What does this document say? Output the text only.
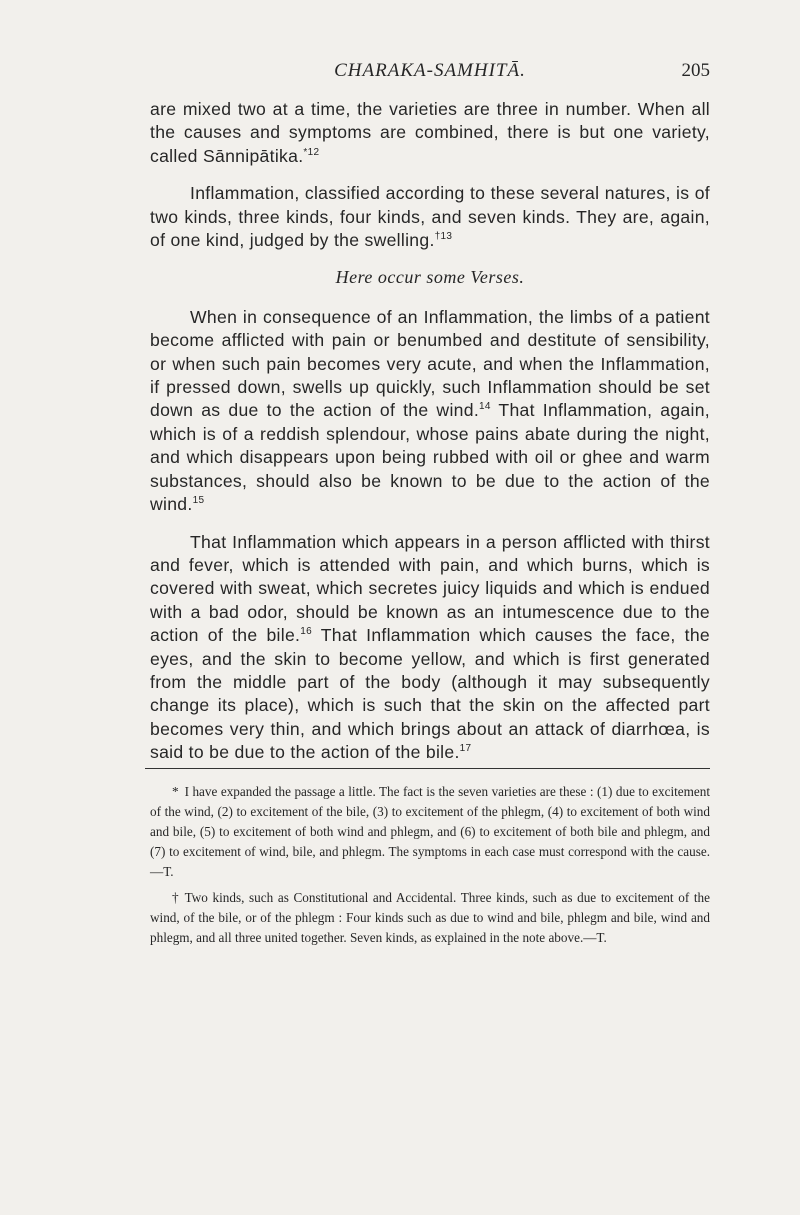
CHARAKA-SAMHITĀ.	205

are mixed two at a time, the varieties are three in number. When all the causes and symptoms are combined, there is but one variety, called Sānnipātika.$^{*12}$

Inflammation, classified according to these several natures, is of two kinds, three kinds, four kinds, and seven kinds. They are, again, of one kind, judged by the swelling.$^{\dagger 13}$

Here occur some Verses.

When in consequence of an Inflammation, the limbs of a patient become afflicted with pain or benumbed and destitute of sensibility, or when such pain becomes very acute, and when the Inflammation, if pressed down, swells up quickly, such Inflammation should be set down as due to the action of the wind.$^{14}$ That Inflammation, again, which is of a reddish splendour, whose pains abate during the night, and which disappears upon being rubbed with oil or ghee and warm substances, should also be known to be due to the action of the wind.$^{15}$

That Inflammation which appears in a person afflicted with thirst and fever, which is attended with pain, and which burns, which is covered with sweat, which secretes juicy liquids and which is endued with a bad odor, should be known as an intumescence due to the action of the bile.$^{16}$ That Inflammation which causes the face, the eyes, and the skin to become yellow, and which is first generated from the middle part of the body (although it may subsequently change its place), which is such that the skin on the affected part becomes very thin, and which brings about an attack of diarrhœa, is said to be due to the action of the bile.$^{17}$

* I have expanded the passage a little. The fact is the seven varieties are these : (1) due to excitement of the wind, (2) to excitement of the bile, (3) to excitement of the phlegm, (4) to excitement of both wind and bile, (5) to excitement of both wind and phlegm, and (6) to excitement of both bile and phlegm, and (7) to excitement of wind, bile, and phlegm. The symptoms in each case must correspond with the cause.—T.

† Two kinds, such as Constitutional and Accidental. Three kinds, such as due to excitement of the wind, of the bile, or of the phlegm : Four kinds such as due to wind and bile, phlegm and bile, wind and phlegm, and all three united together. Seven kinds, as explained in the note above.—T.
